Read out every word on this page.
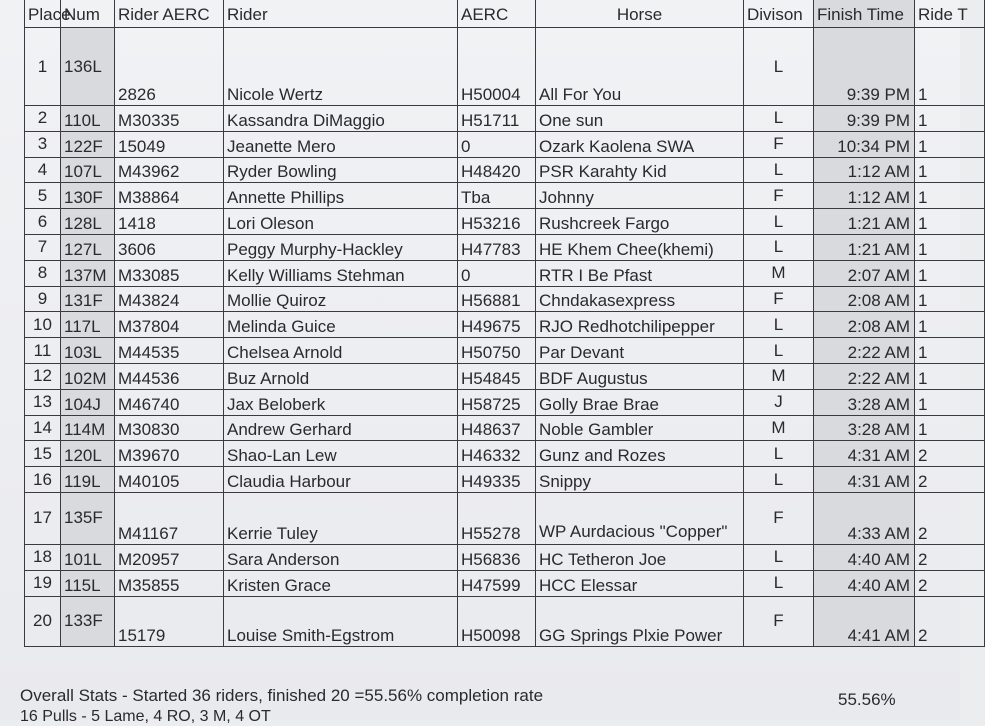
Place	Num	Rider AERC	Rider	AERC	Horse	Divison	Finish Time	Ride T
1	136L	2826	Nicole Wertz	H50004	All For You	L	9:39 PM	1
2	110L	M30335	Kassandra DiMaggio	H51711	One sun	L	9:39 PM	1
3	122F	15049	Jeanette Mero	0	Ozark Kaolena SWA	F	10:34 PM	1
4	107L	M43962	Ryder Bowling	H48420	PSR Karahty Kid	L	1:12 AM	1
5	130F	M38864	Annette Phillips	Tba	Johnny	F	1:12 AM	1
6	128L	1418	Lori Oleson	H53216	Rushcreek Fargo	L	1:21 AM	1
7	127L	3606	Peggy Murphy-Hackley	H47783	HE Khem Chee(khemi)	L	1:21 AM	1
8	137M	M33085	Kelly Williams Stehman	0	RTR I Be Pfast	M	2:07 AM	1
9	131F	M43824	Mollie Quiroz	H56881	Chndakasexpress	F	2:08 AM	1
10	117L	M37804	Melinda Guice	H49675	RJO Redhotchilipepper	L	2:08 AM	1
11	103L	M44535	Chelsea Arnold	H50750	Par Devant	L	2:22 AM	1
12	102M	M44536	Buz Arnold	H54845	BDF Augustus	M	2:22 AM	1
13	104J	M46740	Jax Beloberk	H58725	Golly Brae Brae	J	3:28 AM	1
14	114M	M30830	Andrew Gerhard	H48637	Noble Gambler	M	3:28 AM	1
15	120L	M39670	Shao-Lan Lew	H46332	Gunz and Rozes	L	4:31 AM	2
16	119L	M40105	Claudia Harbour	H49335	Snippy	L	4:31 AM	2
17	135F	M41167	Kerrie Tuley	H55278	WP Aurdacious "Copper"	F	4:33 AM	2
18	101L	M20957	Sara Anderson	H56836	HC Tetheron Joe	L	4:40 AM	2
19	115L	M35855	Kristen Grace	H47599	HCC Elessar	L	4:40 AM	2
20	133F	15179	Louise Smith-Egstrom	H50098	GG Springs Plxie Power	F	4:41 AM	2
Overall Stats - Started 36 riders, finished 20 =55.56% completion rate	55.56%
16 Pulls - 5 Lame, 4 RO, 3 M, 4 OT
